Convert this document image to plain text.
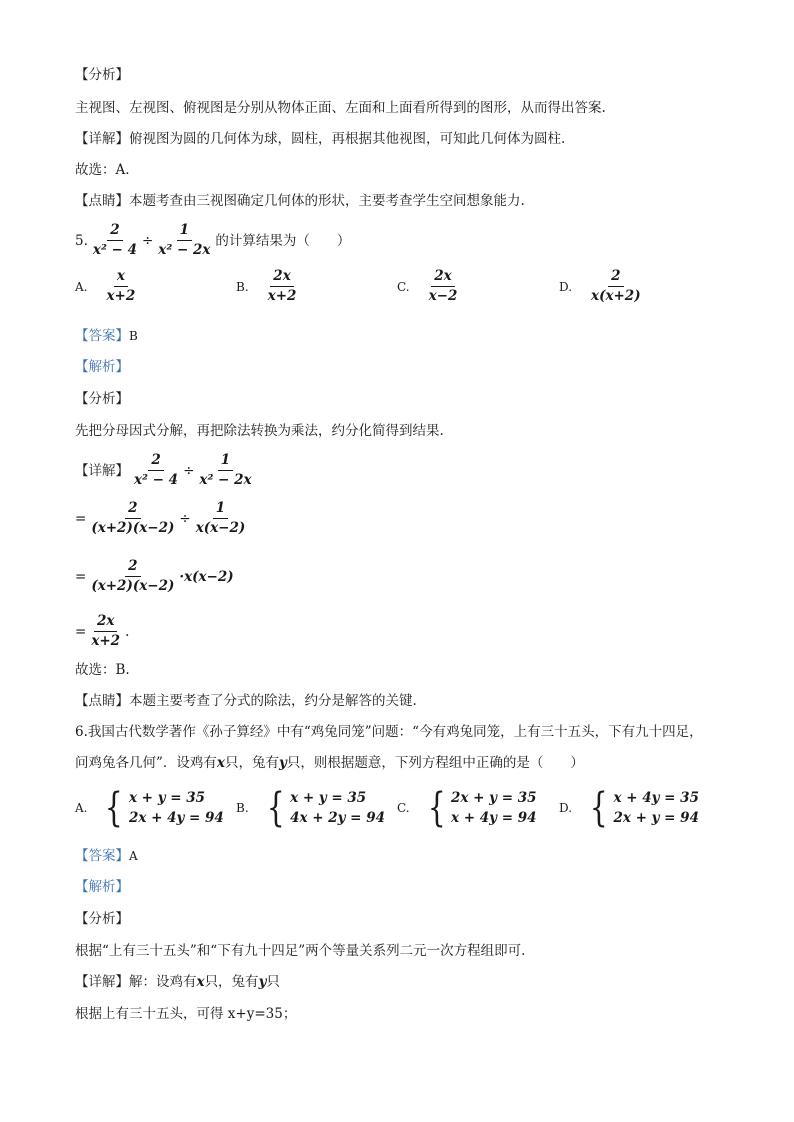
【分析】
主视图、左视图、俯视图是分别从物体正面、左面和上面看所得到的图形，从而得出答案.
【详解】俯视图为圆的几何体为球，圆柱，再根据其他视图，可知此几何体为圆柱.
故选：A.
【点睛】本题考查由三视图确定几何体的形状，主要考查学生空间想象能力.
5. $\frac{2}{\text{x² − 4}} \div \frac{1}{\text{x² − 2x}}$ 的计算结果为（　　）
A. $\frac{x}{x+2}$	B. $\frac{2x}{x+2}$	C. $\frac{2x}{x-2}$	D. $\frac{2}{x(x+2)}$
【答案】B
【解析】
【分析】
先把分母因式分解，再把除法转换为乘法，约分化简得到结果.
【详解】 $\frac{2}{\text{x² − 4}} \div \frac{1}{\text{x² − 2x}}$
= $\frac{2}{(x+2)(x-2)} \div \frac{1}{x(x-2)}$
= $\frac{2}{(x+2)(x-2)} \cdot x(x-2)$
= $\frac{2x}{x+2}$ .
故选：B.
【点睛】本题主要考查了分式的除法，约分是解答的关键.
6.我国古代数学著作《孙子算经》中有“鸡兔同笼”问题：“今有鸡兔同笼，上有三十五头，下有九十四足，
问鸡兔各几何”．设鸡有x只，兔有y只，则根据题意，下列方程组中正确的是（　　）
A. { x + y = 35
2x + 4y = 94
B. { x + y = 35
4x + 2y = 94
C. { 2x + y = 35
x + 4y = 94
D. { x + 4y = 35
2x + y = 94
【答案】A
【解析】
【分析】
根据“上有三十五头”和“下有九十四足”两个等量关系列二元一次方程组即可.
【详解】解：设鸡有x只，兔有y只
根据上有三十五头，可得 x+y=35；
